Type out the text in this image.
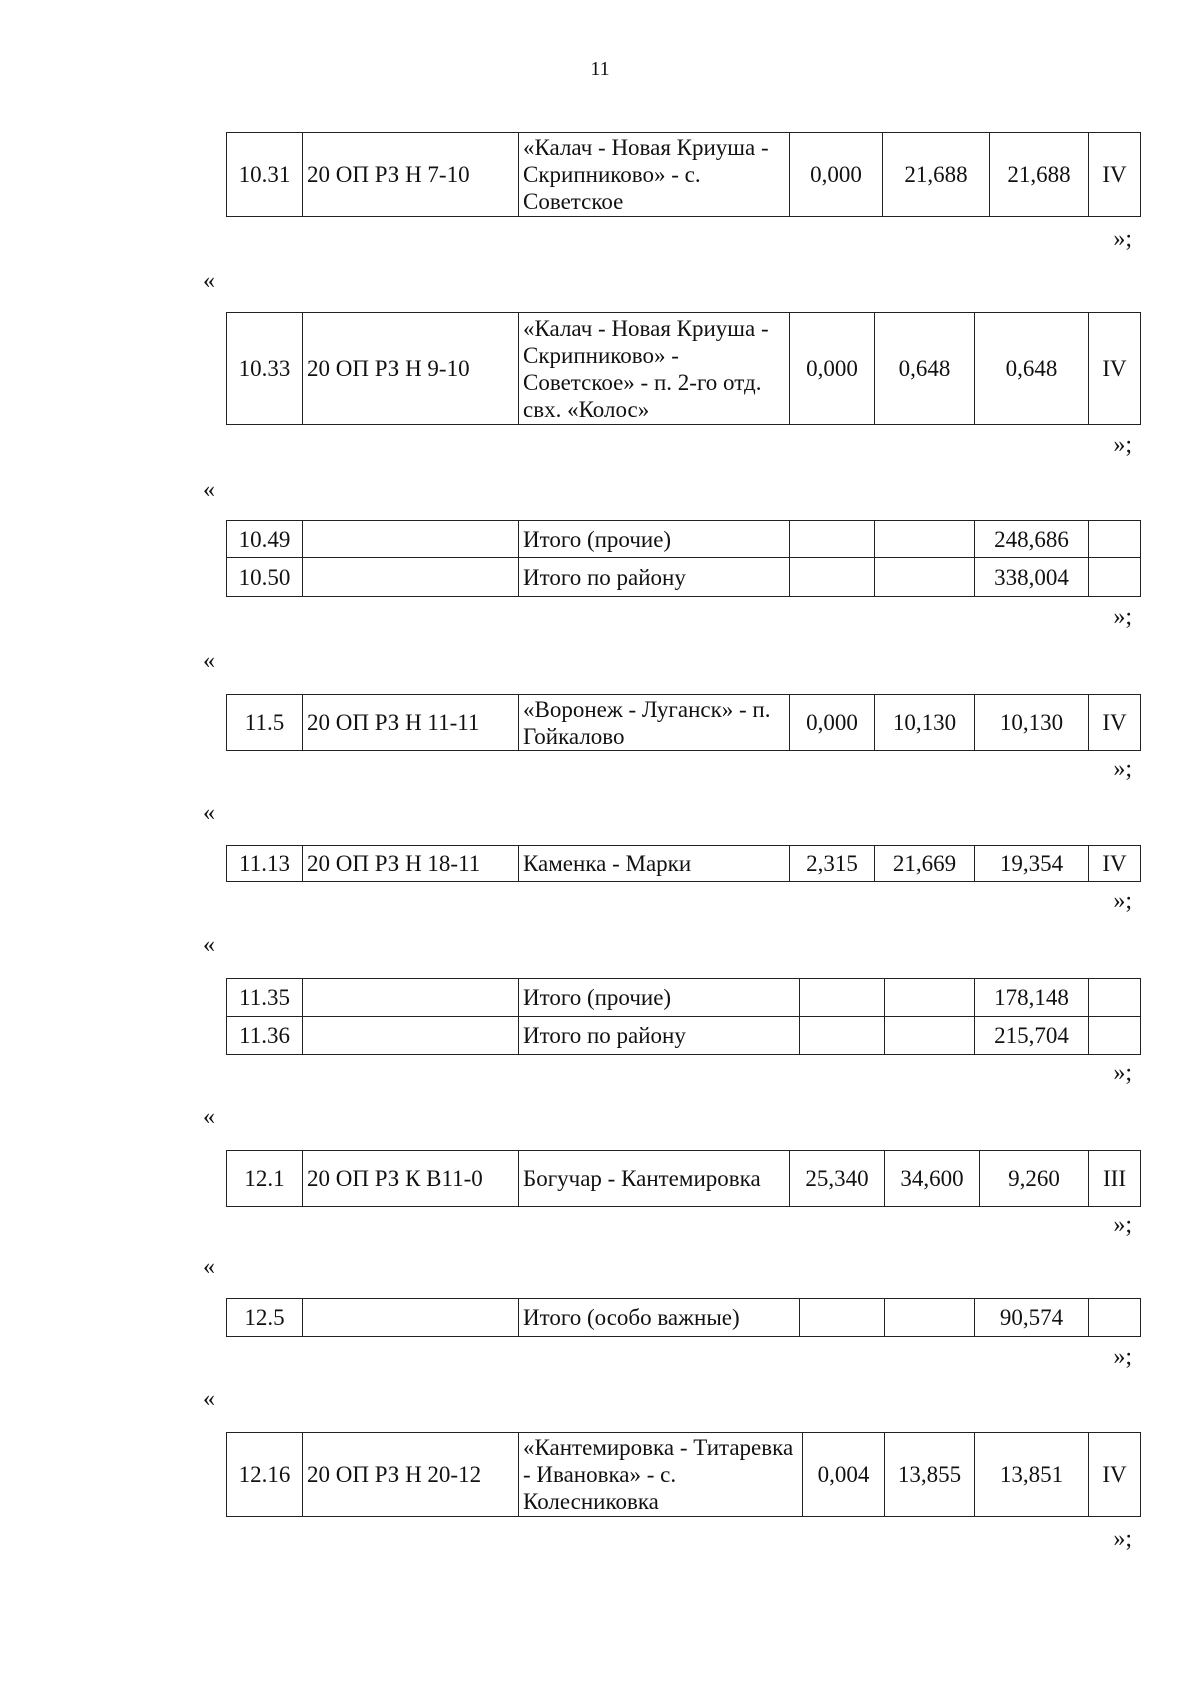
11
10.31	20 ОП РЗ Н 7-10	«Калач - Новая Криуша - Скрипниково» - с. Советское	0,000	21,688	21,688	IV
»;
«
10.33	20 ОП РЗ Н 9-10	«Калач - Новая Криуша - Скрипниково» - Советское» - п. 2-го отд. свх. «Колос»	0,000	0,648	0,648	IV
»;
«
10.49		Итого (прочие)			248,686	
10.50		Итого по району			338,004	
»;
«
11.5	20 ОП РЗ Н 11-11	«Воронеж - Луганск» - п. Гойкалово	0,000	10,130	10,130	IV
»;
«
11.13	20 ОП РЗ Н 18-11	Каменка - Марки	2,315	21,669	19,354	IV
»;
«
11.35		Итого (прочие)			178,148	
11.36		Итого по району			215,704	
»;
«
12.1	20 ОП РЗ К В11-0	Богучар - Кантемировка	25,340	34,600	9,260	III
»;
«
12.5		Итого (особо важные)			90,574	
»;
«
12.16	20 ОП РЗ Н 20-12	«Кантемировка - Титаревка - Ивановка» - с. Колесниковка	0,004	13,855	13,851	IV
»;
